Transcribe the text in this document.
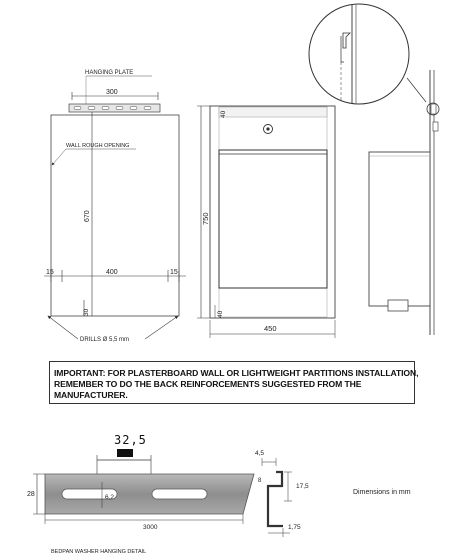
HANGING PLATE
300
WALL ROUGH OPENING
670
15	400	15
30
DRILLS Ø 5,5 mm
750
40
40
450
32,5
28	6,2
3000
BEDPAN WASHER HANGING DETAIL
4,5
8
17,5
1,75
Dimensions in mm
IMPORTANT: FOR PLASTERBOARD WALL OR LIGHTWEIGHT PARTITIONS INSTALLATION,
REMEMBER TO DO THE BACK REINFORCEMENTS SUGGESTED FROM THE
MANUFACTURER.
